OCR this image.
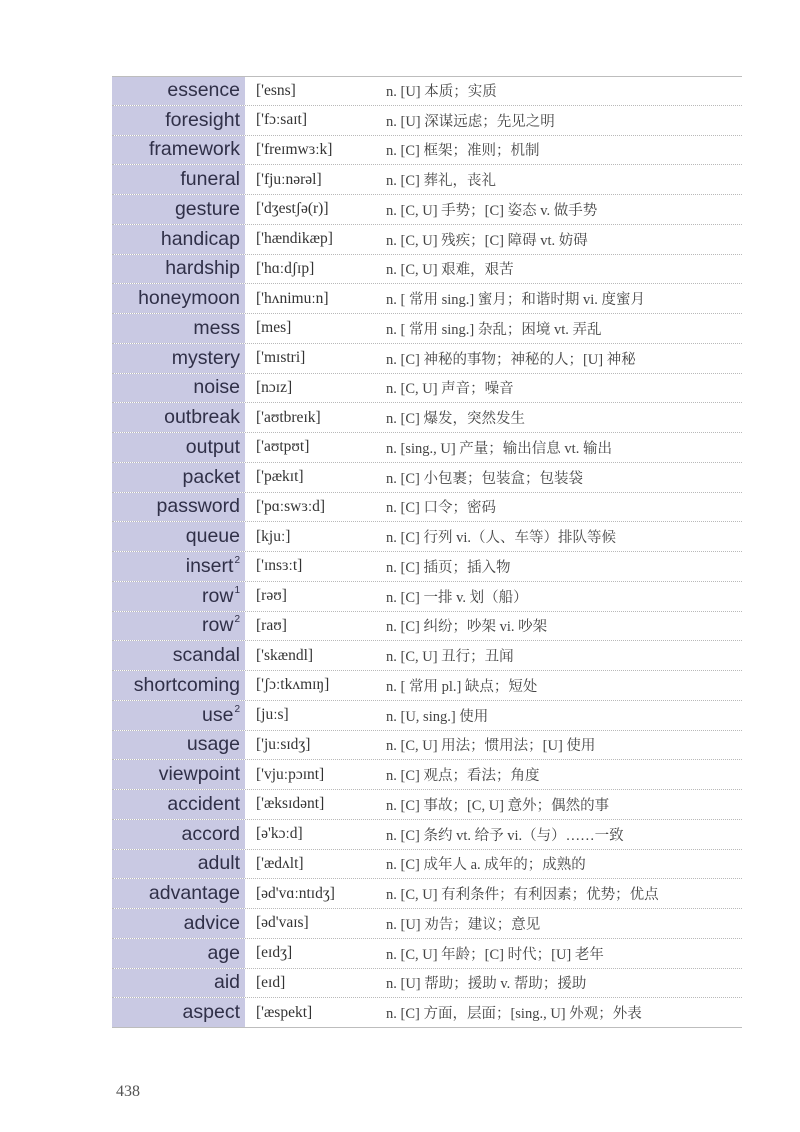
essence	['esns]	n. [U] 本质；实质
foresight	['fɔːsaɪt]	n. [U] 深谋远虑；先见之明
framework	['freɪmwɜːk]	n. [C] 框架；准则；机制
funeral	['fjuːnərəl]	n. [C] 葬礼，丧礼
gesture	['dʒestʃə(r)]	n. [C, U] 手势；[C] 姿态 v. 做手势
handicap	['hændikæp]	n. [C, U] 残疾；[C] 障碍 vt. 妨碍
hardship	['hɑːdʃɪp]	n. [C, U] 艰难，艰苦
honeymoon	['hʌnimuːn]	n. [ 常用 sing.] 蜜月；和谐时期 vi. 度蜜月
mess	[mes]	n. [ 常用 sing.] 杂乱；困境 vt. 弄乱
mystery	['mɪstri]	n. [C] 神秘的事物；神秘的人；[U] 神秘
noise	[nɔɪz]	n. [C, U] 声音；噪音
outbreak	['aʊtbreɪk]	n. [C] 爆发，突然发生
output	['aʊtpʊt]	n. [sing., U] 产量；输出信息 vt. 输出
packet	['pækɪt]	n. [C] 小包裹；包装盒；包装袋
password	['pɑːswɜːd]	n. [C] 口令；密码
queue	[kjuː]	n. [C] 行列 vi.（人、车等）排队等候
insert$^2$	['ɪnsɜːt]	n. [C] 插页；插入物
row$^1$	[rəʊ]	n. [C] 一排 v. 划（船）
row$^2$	[raʊ]	n. [C] 纠纷；吵架 vi. 吵架
scandal	['skændl]	n. [C, U] 丑行；丑闻
shortcoming	['ʃɔːtkʌmɪŋ]	n. [ 常用 pl.] 缺点；短处
use$^2$	[juːs]	n. [U, sing.] 使用
usage	['juːsɪdʒ]	n. [C, U] 用法；惯用法；[U] 使用
viewpoint	['vjuːpɔɪnt]	n. [C] 观点；看法；角度
accident	['æksɪdənt]	n. [C] 事故；[C, U] 意外；偶然的事
accord	[ə'kɔːd]	n. [C] 条约 vt. 给予 vi.（与）……一致
adult	['ædʌlt]	n. [C] 成年人 a. 成年的；成熟的
advantage	[əd'vɑːntɪdʒ]	n. [C, U] 有利条件；有利因素；优势；优点
advice	[əd'vaɪs]	n. [U] 劝告；建议；意见
age	[eɪdʒ]	n. [C, U] 年龄；[C] 时代；[U] 老年
aid	[eɪd]	n. [U] 帮助；援助 v. 帮助；援助
aspect	['æspekt]	n. [C] 方面，层面；[sing., U] 外观；外表
438
